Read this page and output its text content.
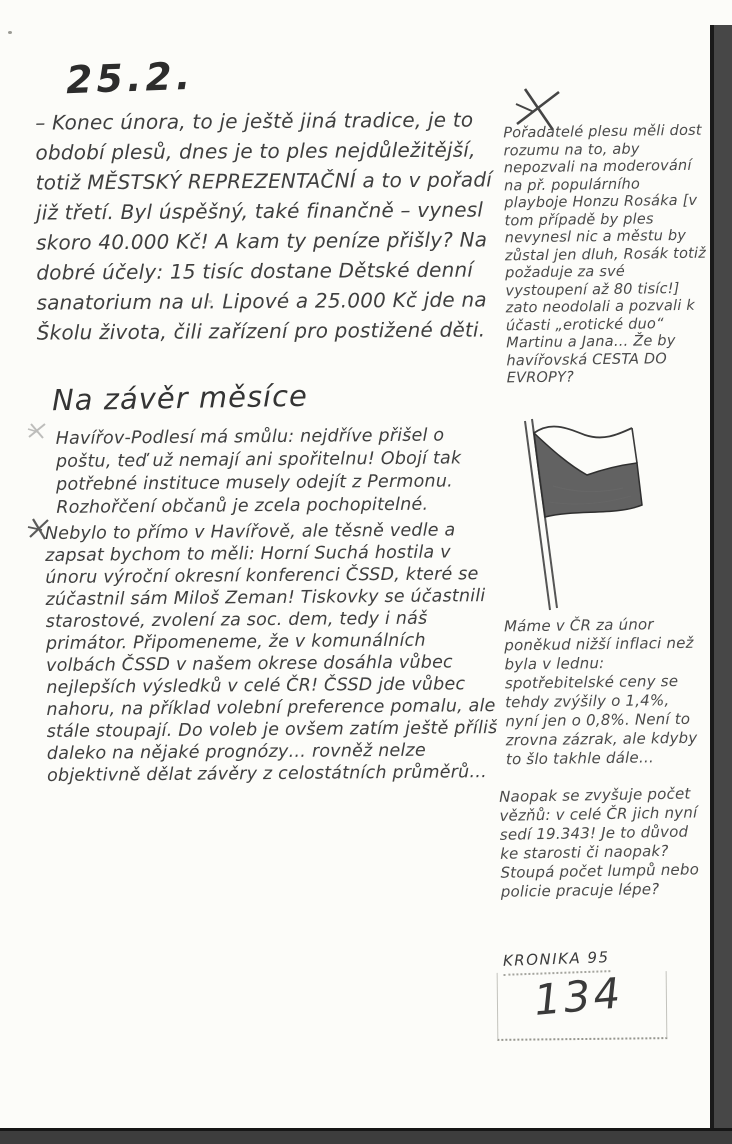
25.2.
– Konec února, to je ještě jiná tradice, je to období plesů, dnes je to ples nejdůležitější, totiž MĚSTSKÝ REPREZENTAČNÍ a to v pořadí již třetí. Byl úspěšný, také finančně – vynesl skoro 40.000 Kč! A kam ty peníze přišly? Na dobré účely: 15 tisíc dostane Dětské denní sanatorium na ul. Lipové a 25.000 Kč jde na Školu života, čili zařízení pro postižené děti.
Na závěr měsíce
Havířov-Podlesí má smůlu: nejdříve přišel o poštu, teď už nemají ani spořitelnu! Obojí tak potřebné instituce musely odejít z Permonu. Rozhořčení občanů je zcela pochopitelné.
Nebylo to přímo v Havířově, ale těsně vedle a zapsat bychom to měli: Horní Suchá hostila v únoru výroční okresní konferenci ČSSD, které se zúčastnil sám Miloš Zeman! Tiskovky se účastnili starostové, zvolení za soc. dem, tedy i náš primátor. Připomeneme, že v komunálních volbách ČSSD v našem okrese dosáhla vůbec nejlepších výsledků v celé ČR! ČSSD jde vůbec nahoru, na příklad volební preference pomalu, ale stále stoupají. Do voleb je ovšem zatím ještě příliš daleko na nějaké prognózy… rovněž nelze objektivně dělat závěry z celostátních průměrů…
Pořadatelé plesu měli dost rozumu na to, aby nepozvali na moderování na př. populárního playboje Honzu Rosáka [v tom případě by ples nevynesl nic a městu by zůstal jen dluh, Rosák totiž požaduje za své vystoupení až 80 tisíc!] zato neodolali a pozvali k účasti „erotické duo“ Martinu a Jana… Že by havířovská CESTA DO EVROPY?
Máme v ČR za únor poněkud nižší inflaci než byla v lednu: spotřebitelské ceny se tehdy zvýšily o 1,4%, nyní jen o 0,8%. Není to zrovna zázrak, ale kdyby to šlo takhle dále…
Naopak se zvyšuje počet vězňů: v celé ČR jich nyní sedí 19.343! Je to důvod ke starosti či naopak? Stoupá počet lumpů nebo policie pracuje lépe?
KRONIKA 95
134
